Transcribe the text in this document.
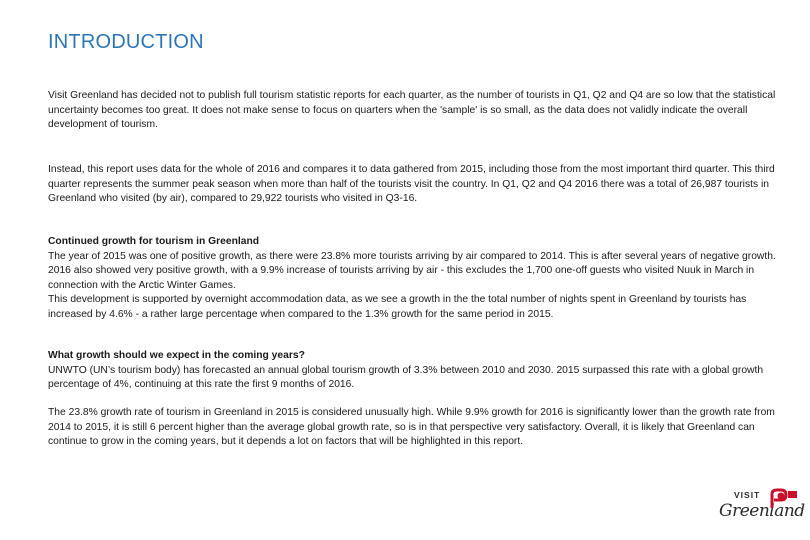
INTRODUCTION

Visit Greenland has decided not to publish full tourism statistic reports for each quarter, as the number of tourists in Q1, Q2 and Q4 are so low that the statistical uncertainty becomes too great. It does not make sense to focus on quarters when the 'sample' is so small, as the data does not validly indicate the overall development of tourism.

Instead, this report uses data for the whole of 2016 and compares it to data gathered from 2015, including those from the most important third quarter. This third quarter represents the summer peak season when more than half of the tourists visit the country. In Q1, Q2 and Q4 2016 there was a total of 26,987 tourists in Greenland who visited (by air), compared to 29,922 tourists who visited in Q3-16.

Continued growth for tourism in Greenland
The year of 2015 was one of positive growth, as there were 23.8% more tourists arriving by air compared to 2014. This is after several years of negative growth. 2016 also showed very positive growth, with a 9.9% increase of tourists arriving by air - this excludes the 1,700 one-off guests who visited Nuuk in March in connection with the Arctic Winter Games.
This development is supported by overnight accommodation data, as we see a growth in the the total number of nights spent in Greenland by tourists has increased by 4.6% - a rather large percentage when compared to the 1.3% growth for the same period in 2015.
What growth should we expect in the coming years?
UNWTO (UN’s tourism body) has forecasted an annual global tourism growth of 3.3% between 2010 and 2030. 2015 surpassed this rate with a global growth percentage of 4%, continuing at this rate the first 9 months of 2016.

The 23.8% growth rate of tourism in Greenland in 2015 is considered unusually high. While 9.9% growth for 2016 is significantly lower than the growth rate from 2014 to 2015, it is still 6 percent higher than the average global growth rate, so is in that perspective very satisfactory. Overall, it is likely that Greenland can continue to grow in the coming years, but it depends a lot on factors that will be highlighted in this report.

VISIT
Greenland
